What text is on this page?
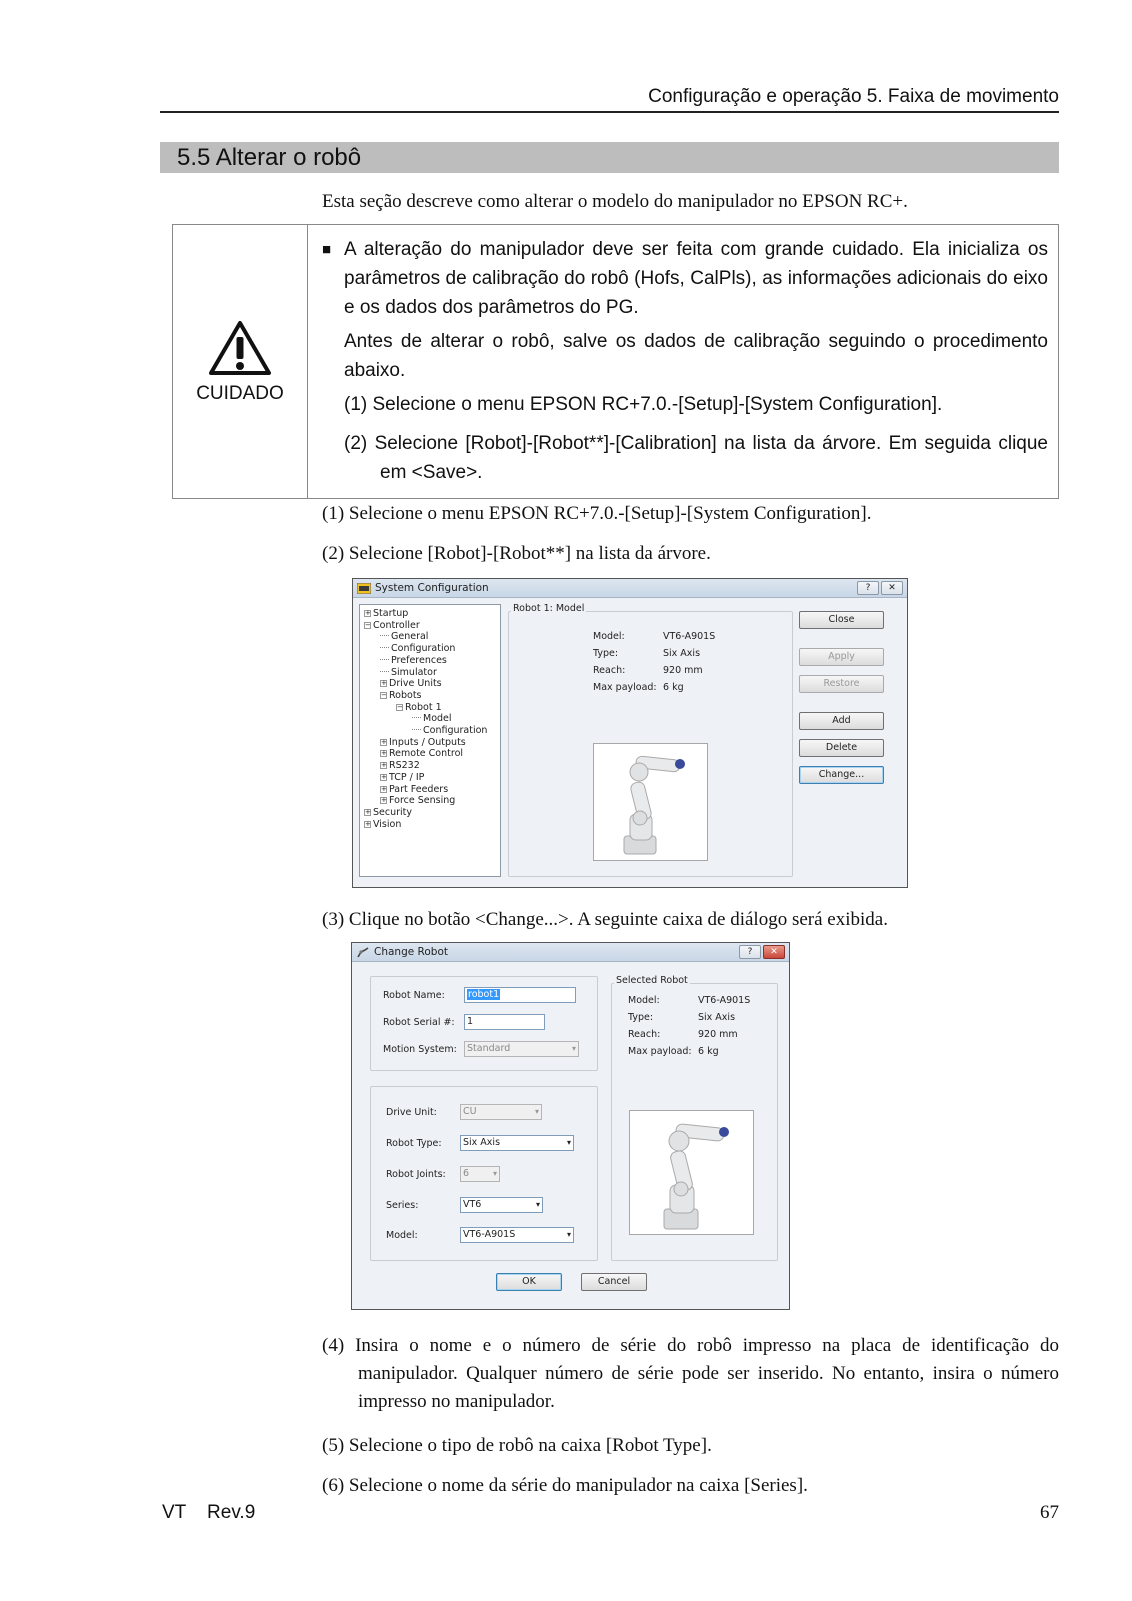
Configuração e operação 5. Faixa de movimento
5.5 Alterar o robô
Esta seção descreve como alterar o modelo do manipulador no EPSON RC+.
CUIDADO
■ A alteração do manipulador deve ser feita com grande cuidado. Ela inicializa os parâmetros de calibração do robô (Hofs, CalPls), as informações adicionais do eixo e os dados dos parâmetros do PG.
Antes de alterar o robô, salve os dados de calibração seguindo o procedimento abaixo.
(1) Selecione o menu EPSON RC+7.0.-[Setup]-[System Configuration].
(2) Selecione [Robot]-[Robot**]-[Calibration] na lista da árvore. Em seguida clique em <Save>.
(1) Selecione o menu EPSON RC+7.0.-[Setup]-[System Configuration].
(2) Selecione [Robot]-[Robot**] na lista da árvore.
System Configuration	?	✕
+ Startup
− Controller
General
Configuration
Preferences
Simulator
+ Drive Units
− Robots
− Robot 1
Model
Configuration
+ Inputs / Outputs
+ Remote Control
+ RS232
+ TCP / IP
+ Part Feeders
+ Force Sensing
+ Security
+ Vision
Robot 1: Model
Close
Apply
Restore
Add
Delete
Change...
Model:	VT6-A901S
Type:	Six Axis
Reach:	920 mm
Max payload: 6 kg
(3) Clique no botão <Change...>. A seguinte caixa de diálogo será exibida.
Change Robot	?	✕
Robot Name:	robot1
Robot Serial #:	1
Motion System:	Standard	▾
Drive Unit:	CU	▾
Robot Type:	Six Axis	▾
Robot Joints:	6	▾
Series:	VT6	▾
Model:	VT6-A901S	▾
Selected Robot
OK	Cancel
Model:	VT6-A901S
Type:	Six Axis
Reach:	920 mm
Max payload: 6 kg
(4) Insira o nome e o número de série do robô impresso na placa de identificação do manipulador. Qualquer número de série pode ser inserido. No entanto, insira o número impresso no manipulador.
(5) Selecione o tipo de robô na caixa [Robot Type].
(6) Selecione o nome da série do manipulador na caixa [Series].
VT    Rev.9	67
